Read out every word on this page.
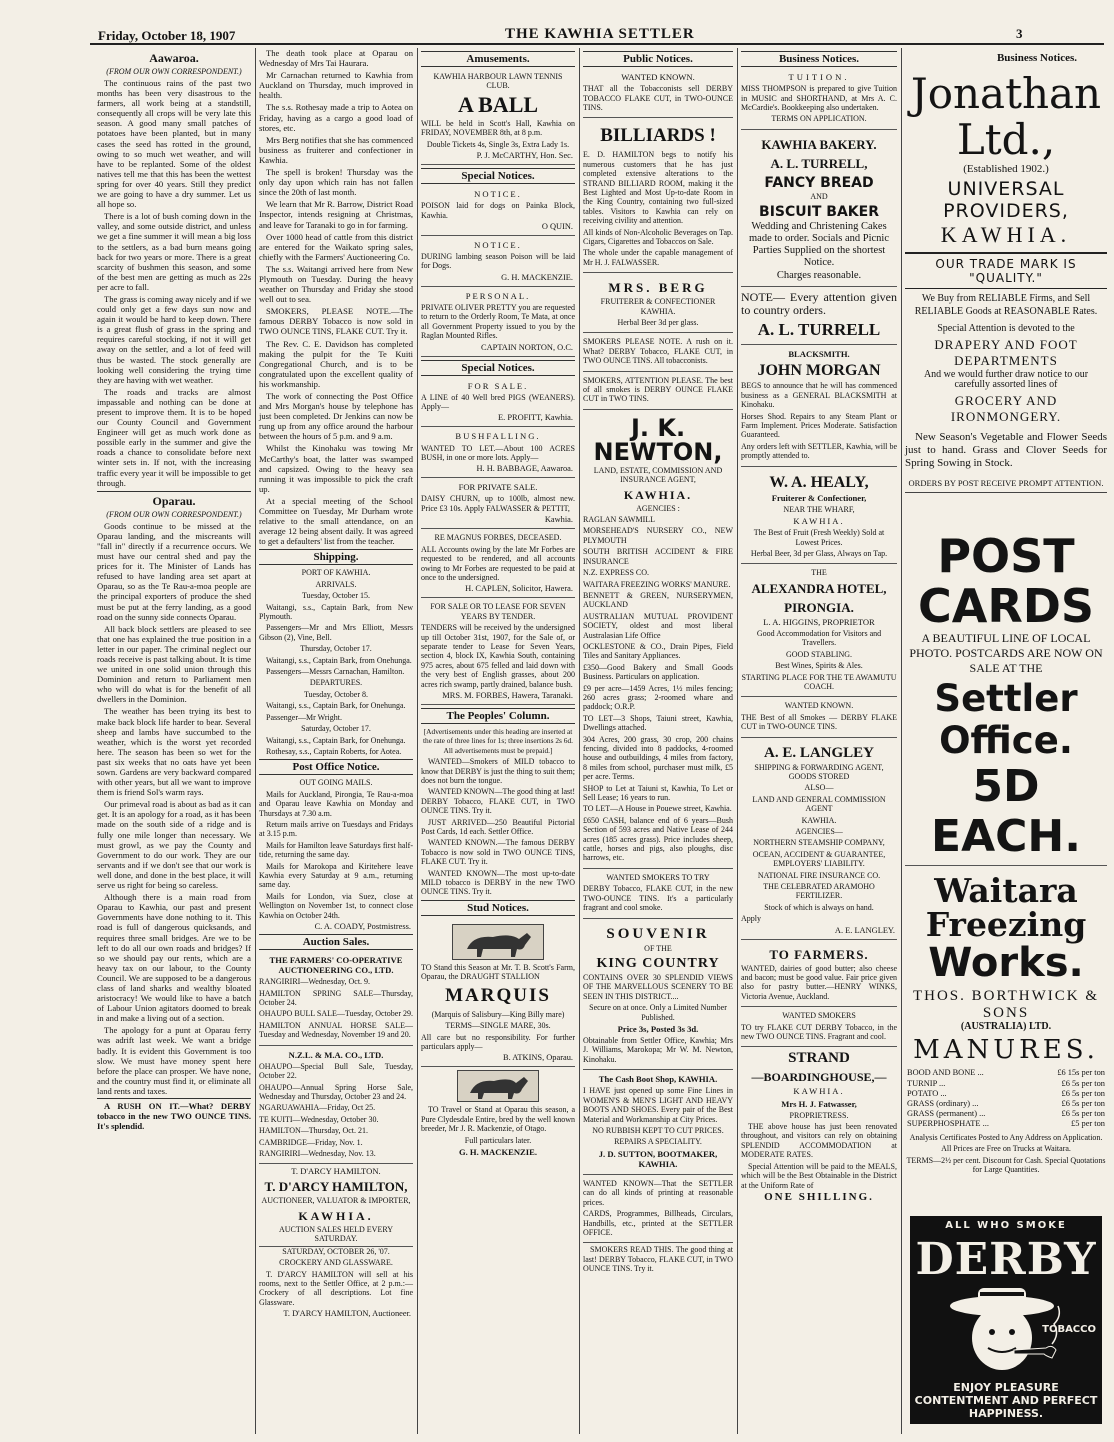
Friday, October 18, 1907	THE KAWHIA SETTLER	3
Aawaroa.
(FROM OUR OWN CORRESPONDENT.)

The continuous rains of the past two months has been very disastrous to the farmers, all work being at a standstill, consequently all crops will be very late this season. A good many small patches of potatoes have been planted, but in many cases the seed has rotted in the ground, owing to so much wet weather, and will have to be replanted. Some of the oldest natives tell me that this has been the wettest spring for over 40 years. Still they predict we are going to have a dry summer. Let us all hope so.

There is a lot of bush coming down in the valley, and some outside district, and unless we get a fine summer it will mean a big loss to the settlers, as a bad burn means going back for two years or more. There is a great scarcity of bushmen this season, and some of the best men are getting as much as 22s per acre to fall.

The grass is coming away nicely and if we could only get a few days sun now and again it would be hard to keep down. There is a great flush of grass in the spring and requires careful stocking, if not it will get away on the settler, and a lot of feed will thus be wasted. The stock generally are looking well considering the trying time they are having with wet weather.

The roads and tracks are almost impassable and nothing can be done at present to improve them. It is to be hoped our County Council and Government Engineer will get as much work done as possible early in the summer and give the roads a chance to consolidate before next winter sets in. If not, with the increasing traffic every year it will be impossible to get through.

Oparau.
(FROM OUR OWN CORRESPONDENT.)

Goods continue to be missed at the Oparau landing, and the miscreants will "fall in" directly if a recurrence occurs. We must have our central shed and pay the prices for it. The Minister of Lands has refused to have landing area set apart at Oparau, so as the Te Rau-a-moa people are the principal exporters of produce the shed must be put at the ferry landing, as a good road on the sunny side connects Oparau.

All back block settlers are pleased to see that one has explained the true position in a letter in our paper. The criminal neglect our roads receive is past talking about. It is time we united in one solid union through this Dominion and return to Parliament men who will do what is for the benefit of all dwellers in the Dominion.

The weather has been trying its best to make back block life harder to bear. Several sheep and lambs have succumbed to the weather, which is the worst yet recorded here. The season has been so wet for the past six weeks that no oats have yet been sown. Gardens are very backward compared with other years, but all we want to improve them is friend Sol's warm rays.

Our primeval road is about as bad as it can get. It is an apology for a road, as it has been made on the south side of a ridge and is fully one mile longer than necessary. We must growl, as we pay the County and Government to do our work. They are our servants and if we don't see that our work is well done, and done in the best place, it will serve us right for being so careless.

Although there is a main road from Oparau to Kawhia, our past and present Governments have done nothing to it. This road is full of dangerous quicksands, and requires three small bridges. Are we to be left to do all our own roads and bridges? If so we should pay our rents, which are a heavy tax on our labour, to the County Council. We are supposed to be a dangerous class of land sharks and wealthy bloated aristocracy! We would like to have a batch of Labour Union agitators doomed to break in and make a living out of a section.

The apology for a punt at Oparau ferry was adrift last week. We want a bridge badly. It is evident this Government is too slow. We must have money spent here before the place can prosper. We have none, and the country must find it, or eliminate all land rents and taxes.

A RUSH ON IT.—What? DERBY tobacco in the new TWO OUNCE TINS. It's splendid.

The death took place at Oparau on Wednesday of Mrs Tai Haurara.

Mr Carnachan returned to Kawhia from Auckland on Thursday, much improved in health.

The s.s. Rothesay made a trip to Aotea on Friday, having as a cargo a good load of stores, etc.

Mrs Berg notifies that she has commenced business as fruiterer and confectioner in Kawhia.

The spell is broken! Thursday was the only day upon which rain has not fallen since the 20th of last month.

We learn that Mr R. Barrow, District Road Inspector, intends resigning at Christmas, and leave for Taranaki to go in for farming.

Over 1000 head of cattle from this district are entered for the Waikato spring sales, chiefly with the Farmers' Auctioneering Co.

The s.s. Waitangi arrived here from New Plymouth on Tuesday. During the heavy weather on Thursday and Friday she stood well out to sea.

SMOKERS, PLEASE NOTE.—The famous DERBY Tobacco is now sold in TWO OUNCE TINS, FLAKE CUT. Try it.

The Rev. C. E. Davidson has completed making the pulpit for the Te Kuiti Congregational Church, and is to be congratulated upon the excellent quality of his workmanship.

The work of connecting the Post Office and Mrs Morgan's house by telephone has just been completed. Dr Jenkins can now be rung up from any office around the harbour between the hours of 5 p.m. and 9 a.m.

Whilst the Kinohaku was towing Mr McCarthy's boat, the latter was swamped and capsized. Owing to the heavy sea running it was impossible to pick the craft up.

At a special meeting of the School Committee on Tuesday, Mr Durham wrote relative to the small attendance, on an average 12 being absent daily. It was agreed to get a defaulters' list from the teacher.

Shipping.

PORT OF KAWHIA.

ARRIVALS.

Tuesday, October 15.

Waitangi, s.s., Captain Bark, from New Plymouth.

Passengers—Mr and Mrs Elliott, Messrs Gibson (2), Vine, Bell.

Thursday, October 17.

Waitangi, s.s., Captain Bark, from Onehunga.

Passengers—Messrs Carnachan, Hamilton.

DEPARTURES.

Tuesday, October 8.

Waitangi, s.s., Captain Bark, for Onehunga.

Passenger—Mr Wright.

Saturday, October 17.

Waitangi, s.s., Captain Bark, for Onehunga.

Rothesay, s.s., Captain Roberts, for Aotea.

Post Office Notice.

OUT GOING MAILS.

Mails for Auckland, Pirongia, Te Rau-a-moa and Oparau leave Kawhia on Monday and Thursdays at 7.30 a.m.

Return mails arrive on Tuesdays and Fridays at 3.15 p.m.

Mails for Hamilton leave Saturdays first half-tide, returning the same day.

Mails for Marokopa and Kiritehere leave Kawhia every Saturday at 9 a.m., returning same day.

Mails for London, via Suez, close at Wellington on November 1st, to connect close Kawhia on October 24th.

C. A. COADY, Postmistress.
Auction Sales.

THE FARMERS' CO-OPERATIVE AUCTIONEERING CO., LTD.

RANGIRIRI—Wednesday, Oct. 9.

HAMILTON SPRING SALE—Thursday, October 24.

OHAUPO BULL SALE—Tuesday, October 29.

HAMILTON ANNUAL HORSE SALE—Tuesday and Wednesday, November 19 and 20.

N.Z.L. & M.A. CO., LTD.

OHAUPO—Special Bull Sale, Tuesday, October 22.

OHAUPO—Annual Spring Horse Sale, Wednesday and Thursday, October 23 and 24.

NGARUAWAHIA—Friday, Oct 25.

TE KUITI—Wednesday, October 30.

HAMILTON—Thursday, Oct. 21.

CAMBRIDGE—Friday, Nov. 1.

RANGIRIRI—Wednesday, Nov. 13.

T. D'ARCY HAMILTON.

T. D'ARCY HAMILTON,

AUCTIONEER, VALUATOR & IMPORTER,

KAWHIA.

AUCTION SALES HELD EVERY SATURDAY.

SATURDAY, OCTOBER 26, '07.

CROCKERY AND GLASSWARE.

T. D'ARCY HAMILTON will sell at his rooms, next to the Settler Office, at 2 p.m.:— Crockery of all descriptions. Lot fine Glassware.

T. D'ARCY HAMILTON, Auctioneer.
Amusements.

KAWHIA HARBOUR LAWN TENNIS CLUB.

A BALL

WILL be held in Scott's Hall, Kawhia on FRIDAY, NOVEMBER 8th, at 8 p.m.

Double Tickets 4s, Single 3s, Extra Lady 1s.

P. J. McCARTHY, Hon. Sec.
Special Notices.

NOTICE.

POISON laid for dogs on Painka Block, Kawhia.

O QUIN.

NOTICE.

DURING lambing season Poison will be laid for Dogs.

G. H. MACKENZIE.

PERSONAL.

PRIVATE OLIVER PRETTY you are requested to return to the Orderly Room, Te Mata, at once all Government Property issued to you by the Raglan Mounted Rifles.

CAPTAIN NORTON, O.C.
Special Notices.

FOR SALE.

A LINE of 40 Well bred PIGS (WEANERS). Apply—

E. PROFITT, Kawhia.

BUSHFALLING.

WANTED TO LET.—About 100 ACRES BUSH, in one or more lots. Apply—

H. H. BABBAGE, Aawaroa.

FOR PRIVATE SALE.

DAISY CHURN, up to 100lb, almost new. Price £3 10s. Apply FALWASSER & PETTIT,

Kawhia.

RE MAGNUS FORBES, DECEASED.

ALL Accounts owing by the late Mr Forbes are requested to be rendered, and all accounts owing to Mr Forbes are requested to be paid at once to the undersigned.

H. CAPLEN, Solicitor, Hawera.

FOR SALE OR TO LEASE FOR SEVEN YEARS BY TENDER.

TENDERS will be received by the undersigned up till October 31st, 1907, for the Sale of, or separate tender to Lease for Seven Years, section 4, block IX, Kawhia South, containing 975 acres, about 675 felled and laid down with the very best of English grasses, about 200 acres rich swamp, partly drained, balance bush.

MRS. M. FORBES, Hawera, Taranaki.
The Peoples' Column.

[Advertisements under this heading are inserted at the rate of three lines for 1s; three insertions 2s 6d. All advertisements must be prepaid.]

WANTED—Smokers of MILD tobacco to know that DERBY is just the thing to suit them; does not burn the tongue.

WANTED KNOWN—The good thing at last! DERBY Tobacco, FLAKE CUT, in TWO OUNCE TINS. Try it.

JUST ARRIVED—250 Beautiful Pictorial Post Cards, 1d each. Settler Office.

WANTED KNOWN.—The famous DERBY Tobacco is now sold in TWO OUNCE TINS, FLAKE CUT. Try it.

WANTED KNOWN—The most up-to-date MILD tobacco is DERBY in the new TWO OUNCE TINS. Try it.

Stud Notices.

TO Stand this Season at Mr. T. B. Scott's Farm, Oparau, the DRAUGHT STALLION

MARQUIS

(Marquis of Salisbury—King Billy mare)

TERMS—SINGLE MARE, 30s.

All care but no responsibility. For further particulars apply—

B. ATKINS, Oparau.

TO Travel or Stand at Oparau this season, a Pure Clydesdale Entire, bred by the well known breeder, Mr J. R. Mackenzie, of Otago.

Full particulars later.

G. H. MACKENZIE.

Public Notices.

WANTED KNOWN.

THAT all the Tobacconists sell DERBY TOBACCO FLAKE CUT, in TWO-OUNCE TINS.

BILLIARDS !

E. D. HAMILTON begs to notify his numerous customers that he has just completed extensive alterations to the STRAND BILLIARD ROOM, making it the Best Lighted and Most Up-to-date Room in the King Country, containing two full-sized tables. Visitors to Kawhia can rely on receiving civility and attention.

All kinds of Non-Alcoholic Beverages on Tap. Cigars, Cigarettes and Tobaccos on Sale.

The whole under the capable management of Mr H. J. FALWASSER.

MRS. BERG

FRUITERER & CONFECTIONER KAWHIA.

Herbal Beer 3d per glass.

SMOKERS PLEASE NOTE. A rush on it. What? DERBY Tobacco, FLAKE CUT, in TWO OUNCE TINS. All tobacconists.

SMOKERS, ATTENTION PLEASE. The best of all smokes is DERBY OUNCE FLAKE CUT in TWO TINS.

J. K. NEWTON,

LAND, ESTATE, COMMISSION AND INSURANCE AGENT,

KAWHIA.

AGENCIES :

RAGLAN SAWMILL

MORSEHEAD'S NURSERY CO., NEW PLYMOUTH

SOUTH BRITISH ACCIDENT & FIRE INSURANCE

N.Z. EXPRESS CO.

WAITARA FREEZING WORKS' MANURE.

BENNETT & GREEN, NURSERYMEN, AUCKLAND

AUSTRALIAN MUTUAL PROVIDENT SOCIETY, oldest and most liberal Australasian Life Office

OCKLESTONE & CO., Drain Pipes, Field Tiles and Sanitary Appliances.

£350—Good Bakery and Small Goods Business. Particulars on application.

£9 per acre—1459 Acres, 1½ miles fencing; 260 acres grass; 2-roomed whare and paddock; O.R.P.

TO LET—3 Shops, Taiuni street, Kawhia, Dwellings attached.

304 Acres, 200 grass, 30 crop, 200 chains fencing, divided into 8 paddocks, 4-roomed house and outbuildings, 4 miles from factory, 8 miles from school, purchaser must milk, £5 per acre. Terms.

SHOP to Let at Taiuni st, Kawhia, To Let or Sell Lease; 16 years to run.

TO LET—A House in Pouewe street, Kawhia.

£650 CASH, balance end of 6 years—Bush Section of 593 acres and Native Lease of 244 acres (185 acres grass). Price includes sheep, cattle, horses and pigs, also ploughs, disc harrows, etc.

WANTED SMOKERS TO TRY

DERBY Tobacco, FLAKE CUT, in the new TWO-OUNCE TINS. It's a particularly fragrant and cool smoke.

SOUVENIR

OF THE

KING COUNTRY

CONTAINS OVER 30 SPLENDID VIEWS OF THE MARVELLOUS SCENERY TO BE SEEN IN THIS DISTRICT....

Secure on at once. Only a Limited Number Published.

Price 3s, Posted 3s 3d.

Obtainable from Settler Office, Kawhia; Mrs J. Williams, Marokopa; Mr W. M. Newton, Kinohaku.

The Cash Boot Shop, KAWHIA.

I HAVE just opened up some Fine Lines in WOMEN'S & MEN'S LIGHT AND HEAVY BOOTS AND SHOES. Every pair of the Best Material and Workmanship at City Prices.

NO RUBBISH KEPT TO CUT PRICES.

REPAIRS A SPECIALITY.

J. D. SUTTON, BOOTMAKER, KAWHIA.

WANTED KNOWN—That the SETTLER can do all kinds of printing at reasonable prices.

CARDS, Programmes, Billheads, Circulars, Handbills, etc., printed at the SETTLER OFFICE.

SMOKERS READ THIS. The good thing at last! DERBY Tobacco, FLAKE CUT, in TWO OUNCE TINS. Try it.

Business Notices.

TUITION.

MISS THOMPSON is prepared to give Tuition in MUSIC and SHORTHAND, at Mrs A. C. McCardie's. Bookkeeping also undertaken.

TERMS ON APPLICATION.

KAWHIA BAKERY.
A. L. TURRELL,
FANCY BREAD

AND

BISCUIT BAKER

Wedding and Christening Cakes made to order. Socials and Picnic Parties Supplied on the shortest Notice.

Charges reasonable.

NOTE— Every attention given to country orders.

A. L. TURRELL

BLACKSMITH.

JOHN MORGAN

BEGS to announce that he will has commenced business as a GENERAL BLACKSMITH at Kinohaku.

Horses Shod. Repairs to any Steam Plant or Farm Implement. Prices Moderate. Satisfaction Guaranteed.

Any orders left with SETTLER, Kawhia, will be promptly attended to.

W. A. HEALY,

Fruiterer & Confectioner,

NEAR THE WHARF,

KAWHIA.

The Best of Fruit (Fresh Weekly) Sold at Lowest Prices.

Herbal Beer, 3d per Glass, Always on Tap.

THE

ALEXANDRA HOTEL,
PIRONGIA.

L. A. HIGGINS, PROPRIETOR

Good Accommodation for Visitors and Travellers.

GOOD STABLING.

Best Wines, Spirits & Ales.

STARTING PLACE FOR THE TE AWAMUTU COACH.

WANTED KNOWN.

THE Best of all Smokes — DERBY FLAKE CUT in TWO-OUNCE TINS.

A. E. LANGLEY

SHIPPING & FORWARDING AGENT, GOODS STORED

ALSO—

LAND AND GENERAL COMMISSION AGENT

KAWHIA.

AGENCIES—

NORTHERN STEAMSHIP COMPANY,

OCEAN, ACCIDENT & GUARANTEE, EMPLOYERS' LIABILITY.

NATIONAL FIRE INSURANCE CO.

THE CELEBRATED ARAMOHO FERTILIZER.

Stock of which is always on hand.

Apply

A. E. LANGLEY.
TO FARMERS.

WANTED, dairies of good butter; also cheese and bacon; must be good value. Fair price given also for pastry butter.—HENRY WINKS, Victoria Avenue, Auckland.

WANTED SMOKERS

TO try FLAKE CUT DERBY Tobacco, in the new TWO OUNCE TINS. Fragrant and cool.

STRAND
—BOARDINGHOUSE,—

KAWHIA.

Mrs H. J. Fatwasser,

PROPRIETRESS.

THE above house has just been renovated throughout, and visitors can rely on obtaining SPLENDID ACCOMMODATION at MODERATE RATES.

Special Attention will be paid to the MEALS, which will be the Best Obtainable in the District at the Uniform Rate of

ONE SHILLING.

Business Notices.
Jonathan Ltd.,
(Established 1902.)
UNIVERSAL PROVIDERS,
KAWHIA.
OUR TRADE MARK IS "QUALITY."

We Buy from RELIABLE Firms, and Sell RELIABLE Goods at REASONABLE Rates.

Special Attention is devoted to the

DRAPERY AND FOOT DEPARTMENTS

And we would further draw notice to our carefully assorted lines of

GROCERY AND IRONMONGERY.

New Season's Vegetable and Flower Seeds just to hand. Grass and Clover Seeds for Spring Sowing in Stock.

ORDERS BY POST RECEIVE PROMPT ATTENTION.

POST CARDS

A BEAUTIFUL LINE OF LOCAL PHOTO. POSTCARDS ARE NOW ON SALE AT THE

Settler Office.
5D EACH.
Waitara Freezing
Works.
THOS. BORTHWICK & SONS

(AUSTRALIA) LTD.

MANURES.
BOOD AND BONE ...	£6 15s per ton
TURNIP ...	£6 5s per ton
POTATO ...	£6 5s per ton
GRASS (ordinary) ...	£6 5s per ton
GRASS (permanent) ...	£6 5s per ton
SUPERPHOSPHATE ...	£5 per ton

Analysis Certificates Posted to Any Address on Application.

All Prices are Free on Trucks at Waitara.

TERMS—2½ per cent. Discount for Cash. Special Quotations for Large Quantities.

ALL WHO SMOKE
DERBY
TOBACCO
ENJOY PLEASURE CONTENTMENT AND PERFECT HAPPINESS.
